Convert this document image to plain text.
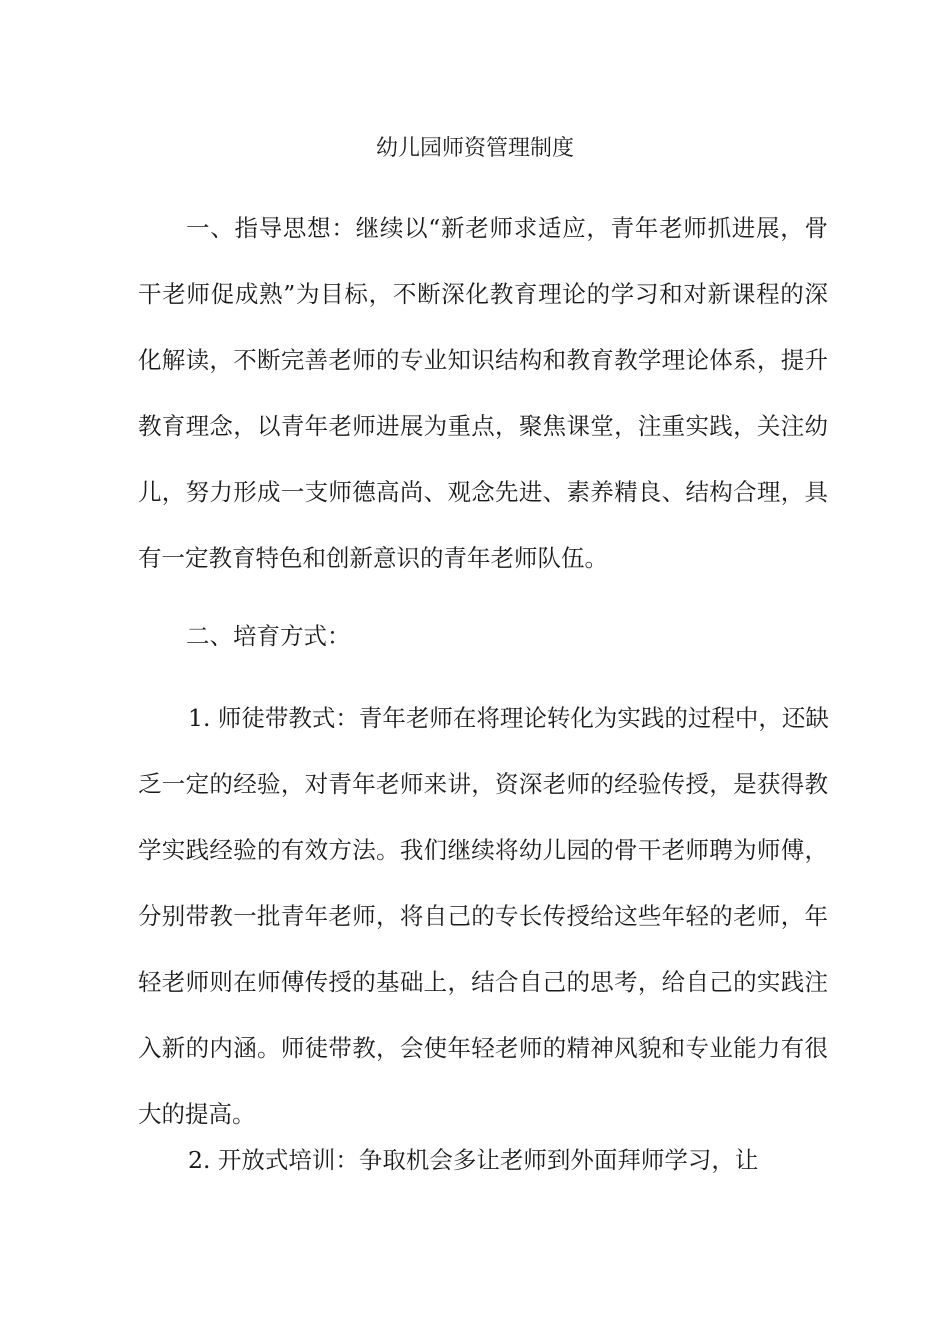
幼儿园师资管理制度
一、指导思想：继续以“新老师求适应，青年老师抓进展，骨
干老师促成熟”为目标，不断深化教育理论的学习和对新课程的深
化解读，不断完善老师的专业知识结构和教育教学理论体系，提升
教育理念，以青年老师进展为重点，聚焦课堂，注重实践，关注幼
儿，努力形成一支师德高尚、观念先进、素养精良、结构合理，具
有一定教育特色和创新意识的青年老师队伍。
二、培育方式：
1. 师徒带教式：青年老师在将理论转化为实践的过程中，还缺
乏一定的经验，对青年老师来讲，资深老师的经验传授，是获得教
学实践经验的有效方法。我们继续将幼儿园的骨干老师聘为师傅，
分别带教一批青年老师，将自己的专长传授给这些年轻的老师，年
轻老师则在师傅传授的基础上，结合自己的思考，给自己的实践注
入新的内涵。师徒带教，会使年轻老师的精神风貌和专业能力有很
大的提高。
2. 开放式培训：争取机会多让老师到外面拜师学习，让
